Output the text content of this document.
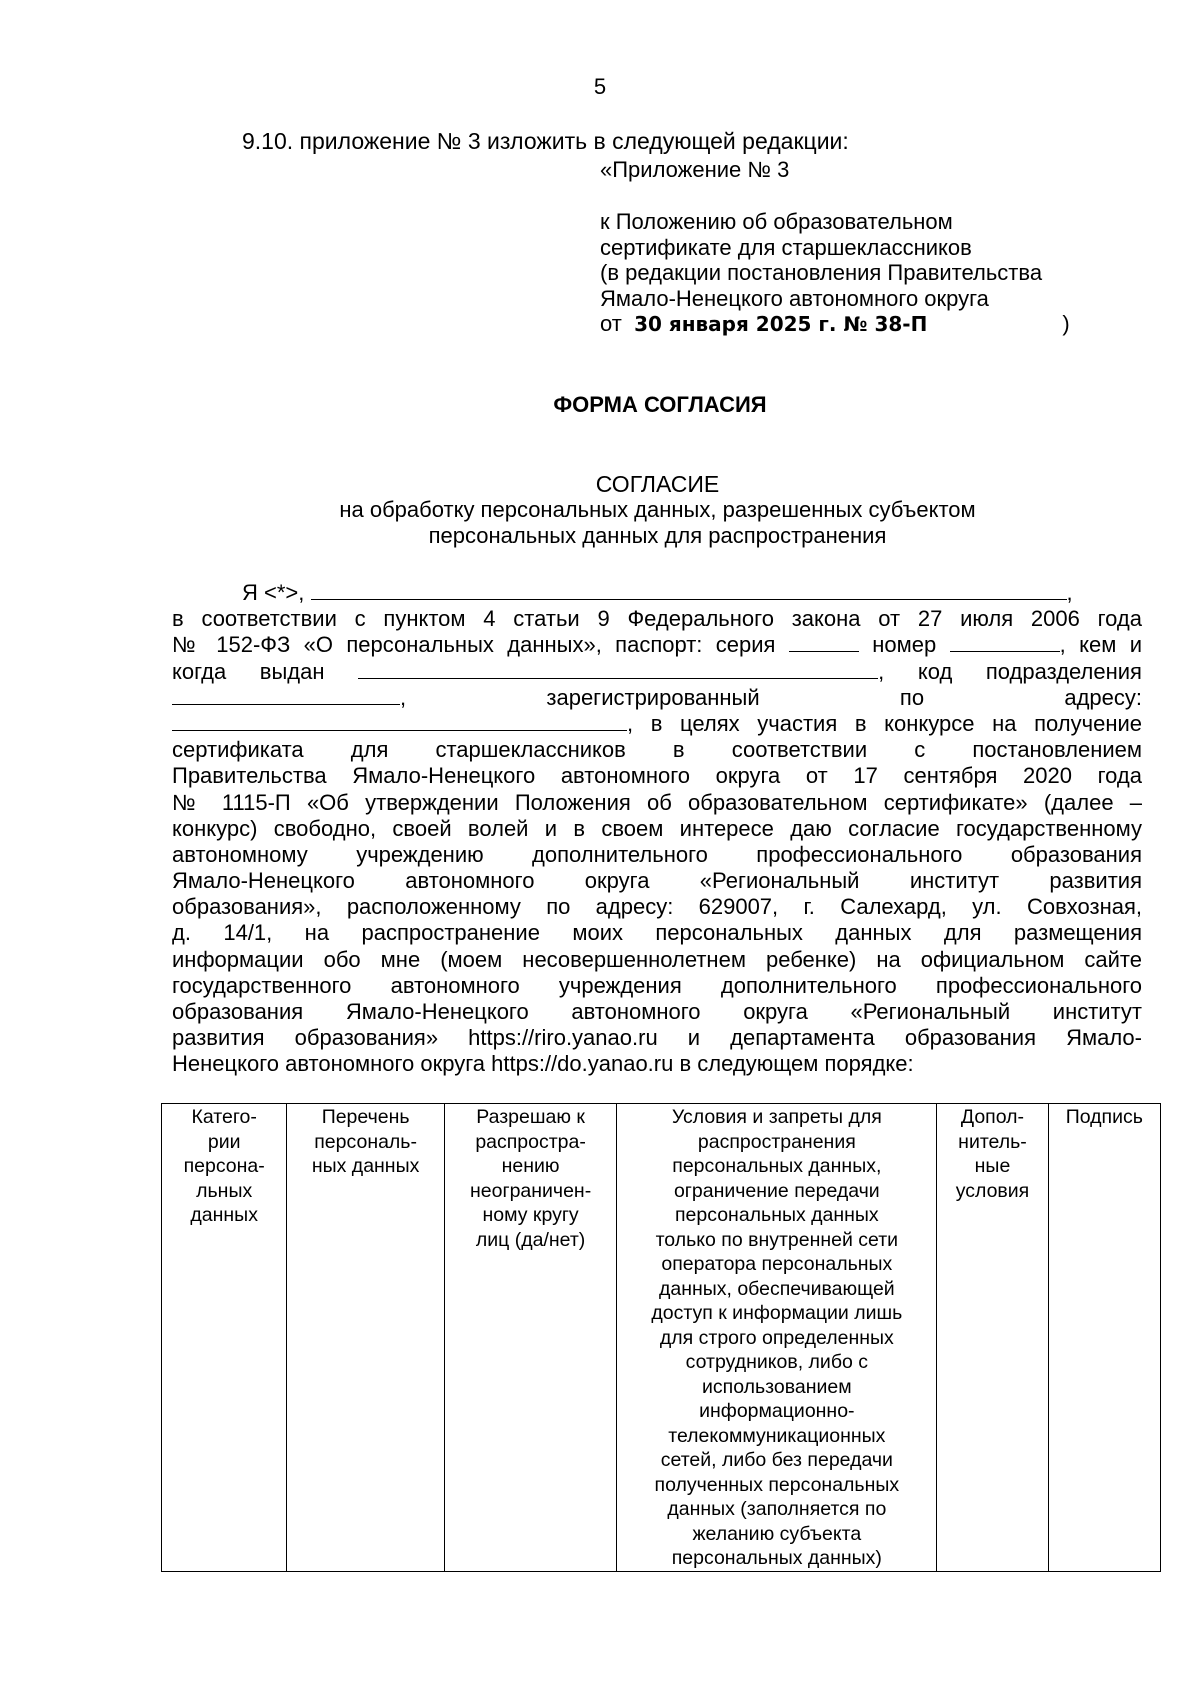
5
9.10. приложение № 3 изложить в следующей редакции:
«Приложение № 3
к Положению об образовательном
сертификате для старшеклассников
(в редакции постановления Правительства
Ямало-Ненецкого автономного округа
от 30 января 2025 г. № 38-П	)
ФОРМА СОГЛАСИЯ
СОГЛАСИЕ
на обработку персональных данных, разрешенных субъектом
персональных данных для распространения
Я <*>,	,
в соответствии с пунктом 4 статьи 9 Федерального закона от 27 июля 2006 года
№ 152-ФЗ «О персональных данных», паспорт: серия	номер	, кем и
когда выдан	, код подразделения
, зарегистрированный по адресу:
, в целях участия в конкурсе на получение
сертификата для старшеклассников в соответствии с постановлением
Правительства Ямало-Ненецкого автономного округа от 17 сентября 2020 года
№ 1115-П «Об утверждении Положения об образовательном сертификате» (далее –
конкурс) свободно, своей волей и в своем интересе даю согласие государственному
автономному учреждению дополнительного профессионального образования
Ямало-Ненецкого автономного округа «Региональный институт развития
образования», расположенному по адресу: 629007, г. Салехард, ул. Совхозная,
д. 14/1, на распространение моих персональных данных для размещения
информации обо мне (моем несовершеннолетнем ребенке) на официальном сайте
государственного автономного учреждения дополнительного профессионального
образования Ямало-Ненецкого автономного округа «Региональный институт
развития образования» https://riro.yanao.ru и департамента образования Ямало-
Ненецкого автономного округа https://do.yanao.ru в следующем порядке:
Катего-
рии
персона-
льных
данных	Перечень
персональ-
ных данных	Разрешаю к
распростра-
нению
неограничен-
ному кругу
лиц (да/нет)	Условия и запреты для
распространения
персональных данных,
ограничение передачи
персональных данных
только по внутренней сети
оператора персональных
данных, обеспечивающей
доступ к информации лишь
для строго определенных
сотрудников, либо с
использованием
информационно-
телекоммуникационных
сетей, либо без передачи
полученных персональных
данных (заполняется по
желанию субъекта
персональных данных)	Допол-
нитель-
ные
условия	Подпись
